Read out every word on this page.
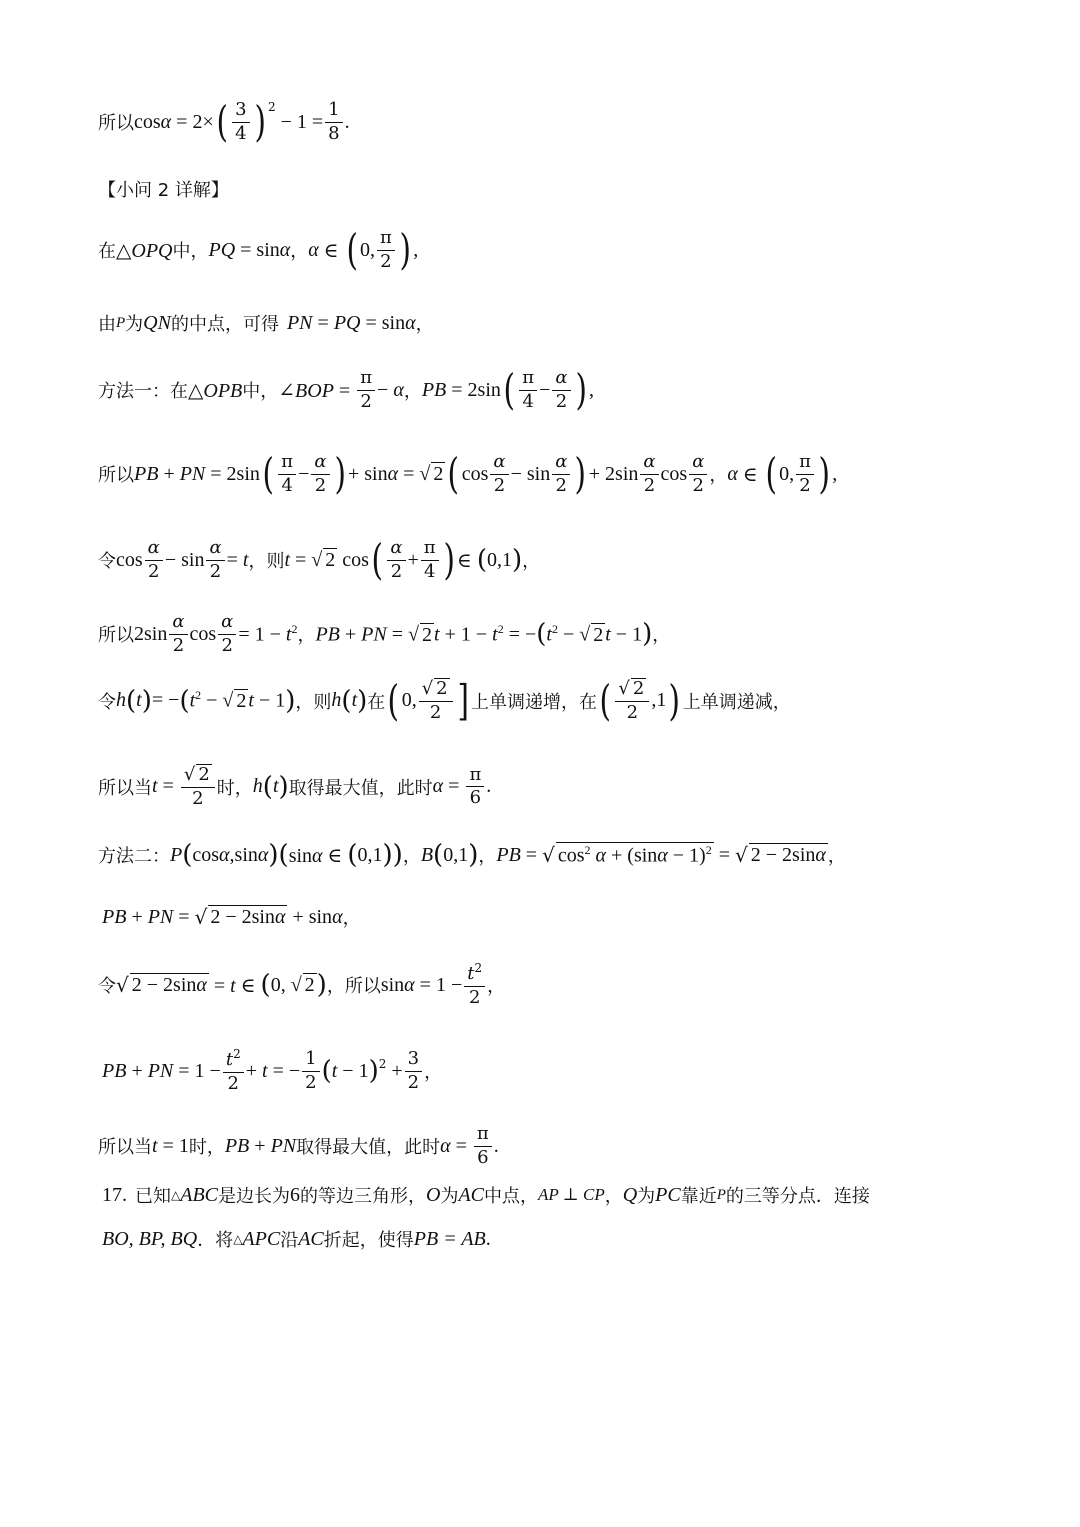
所以 cosα = 2× ( $\frac{3}{4} )^2$
− $1 = \frac{1}{8}$ .
【小问 2 详解】
在 △OPQ 中， PQ = sinα ， α ∈ ( 0, $\frac{\pi}{2}$ ) ,
由 P 为 QN 的中点，可得 PN = PQ = sinα ，
方法一：在 △OPB 中， ∠BOP = $\frac{\pi}{2} - \alpha$ ， PB = 2sin ( $\frac{\pi}{4} - \frac{\alpha}{2}$ ) ,
所以 PB + PN = 2sin ( $\frac{\pi}{4} - \frac{\alpha}{2}$ ) + sinα = √ 2 ( $\cos \frac{\alpha}{2} - \sin \frac{\alpha}{2}$ ) + $2\sin \frac{\alpha}{2}$ $\cos \frac{\alpha}{2}$ ， α ∈ ( 0, $\frac{\pi}{2}$ ) ,
令 $\cos \frac{\alpha}{2} - \sin \frac{\alpha}{2} = t$ ，则 t = √ 2 cos ( $\frac{\alpha}{2} + \frac{\pi}{4}$ ) ∈ ( 0,1 ) ，
所以 $2\sin \frac{\alpha}{2}$ $\cos \frac{\alpha}{2} = 1 - t^2$ ， PB + PN = √ 2 $t + 1 - t^2$ = − ( $t^2$ − √ 2 t − 1 ) ，
令 h ( t ) = − ( $t^2$ − √ 2 t − 1 ) ，则 h ( t ) 在 ( 0, $\frac{√ 2}{2}$ ] 上单调递增，在 ( $\frac{√ 2}{2} ,1$ ) 上单调递减，
所以当 $t = \frac{√ 2}{2}$ 时， h ( t ) 取得最大值，此时 $\alpha = \frac{\pi}{6}$ .
方法二： P ( cosα,sinα ) ( sinα ∈ ( 0,1 ) ) ， B ( 0,1 ) ， PB = √ $\cos^2 \alpha + (\sin\alpha - 1)^2$ = √ 2 − 2sinα ，
PB + PN = √ 2 − 2sinα + sinα ，
令 √ 2 − 2sinα = t ∈ ( 0, √ 2 ) ，所以 $\sin\alpha = 1 - \frac{t^2}{2}$ ，
PB + PN = $1 - \frac{t^2}{2} + t$ = − $\frac{1}{2}$ ( t − 1 )$^2 + \frac{3}{2}$ ，
所以当 t = 1 时， PB + PN 取得最大值，此时 $\alpha = \frac{\pi}{6}$ .
17. 已知 △ ABC 是边长为 6 的等边三角形， O 为 AC 中点， AP ⊥ CP ， Q 为 PC 靠近 P 的三等分点．连接
BO, BP, BQ ．将 △ APC 沿 AC 折起，使得 PB = AB .
